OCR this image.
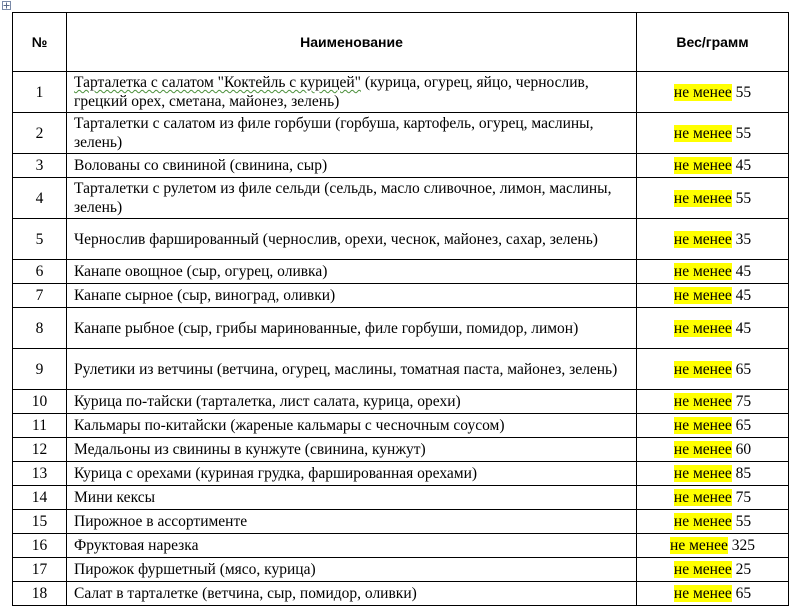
№	Наименование	Вес/грамм
1	Тарталетка с салатом "Коктейль с курицей" (курица, огурец, яйцо, чернослив, грецкий орех, сметана, майонез, зелень)	не менее 55
2	Тарталетки с салатом из филе горбуши (горбуша, картофель, огурец, маслины, зелень)	не менее 55
3	Волованы со свининой (свинина, сыр)	не менее 45
4	Тарталетки с рулетом из филе сельди (сельдь, масло сливочное, лимон, маслины, зелень)	не менее 55
5	Чернослив фаршированный (чернослив, орехи, чеснок, майонез, сахар, зелень)	не менее 35
6	Канапе овощное (сыр, огурец, оливка)	не менее 45
7	Канапе сырное (сыр, виноград, оливки)	не менее 45
8	Канапе рыбное (сыр, грибы маринованные, филе горбуши, помидор, лимон)	не менее 45
9	Рулетики из ветчины (ветчина, огурец, маслины, томатная паста, майонез, зелень)	не менее 65
10	Курица по-тайски (тарталетка, лист салата, курица, орехи)	не менее 75
11	Кальмары по-китайски (жареные кальмары с чесночным соусом)	не менее 65
12	Медальоны из свинины в кунжуте (свинина, кунжут)	не менее 60
13	Курица с орехами (куриная грудка, фаршированная орехами)	не менее 85
14	Мини кексы	не менее 75
15	Пирожное в ассортименте	не менее 55
16	Фруктовая нарезка	не менее 325
17	Пирожок фуршетный (мясо, курица)	не менее 25
18	Салат в тарталетке (ветчина, сыр, помидор, оливки)	не менее 65
